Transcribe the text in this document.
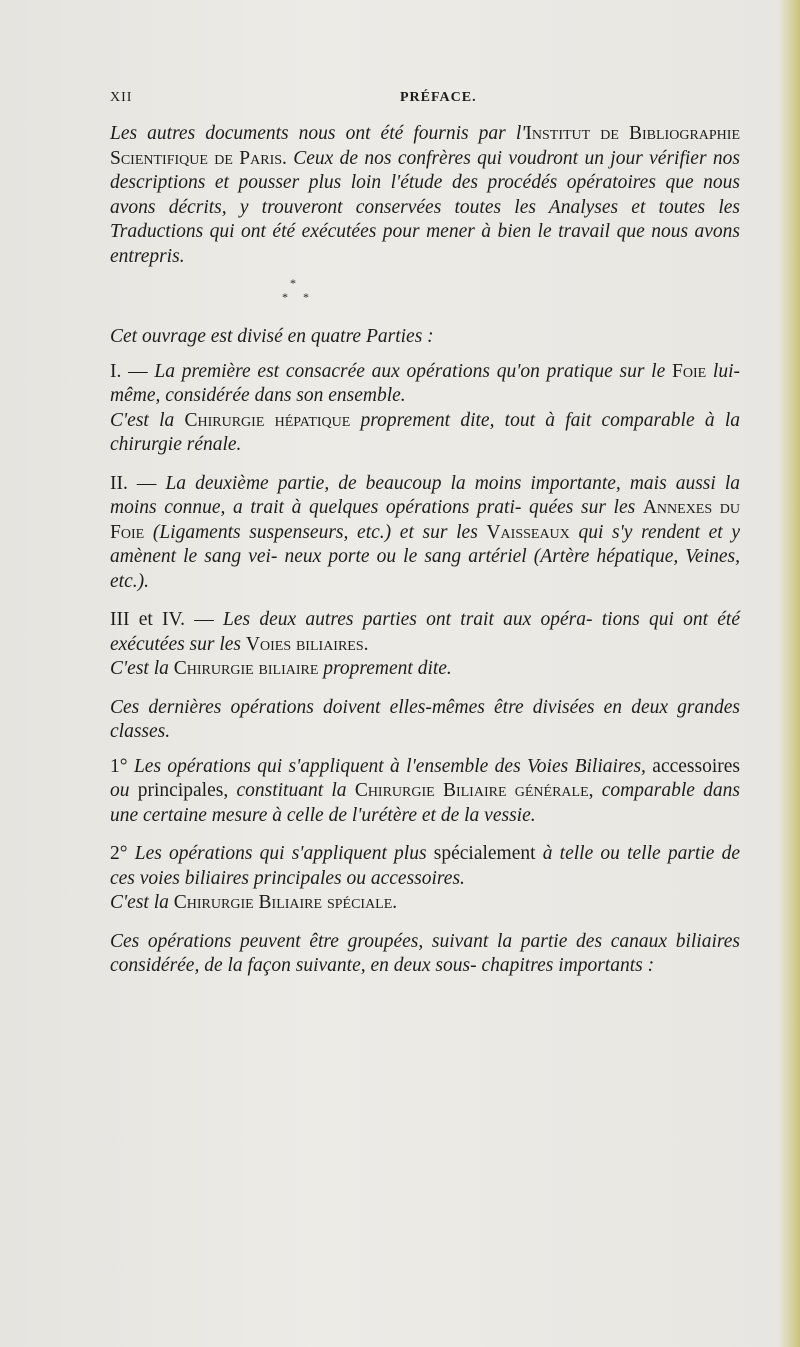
XII	PRÉFACE.

Les autres documents nous ont été fournis par l'Institut de Bibliographie Scientifique de Paris. Ceux de nos confrères qui voudront un jour vérifier nos descriptions et pousser plus loin l'étude des procédés opératoires que nous avons décrits, y trouveront conservées toutes les Analyses et toutes les Traductions qui ont été exécutées pour mener à bien le travail que nous avons entrepris.

*
* *

Cet ouvrage est divisé en quatre Parties :

I. — La première est consacrée aux opérations qu'on pratique sur le Foie lui-même, considérée dans son ensemble.

C'est la Chirurgie hépatique proprement dite, tout à fait comparable à la chirurgie rénale.

II. — La deuxième partie, de beaucoup la moins importante, mais aussi la moins connue, a trait à quelques opérations prati- quées sur les Annexes du Foie (Ligaments suspenseurs, etc.) et sur les Vaisseaux qui s'y rendent et y amènent le sang vei- neux porte ou le sang artériel (Artère hépatique, Veines, etc.).

III et IV. — Les deux autres parties ont trait aux opéra- tions qui ont été exécutées sur les Voies biliaires.

C'est la Chirurgie biliaire proprement dite.

Ces dernières opérations doivent elles-mêmes être divisées en deux grandes classes.

1° Les opérations qui s'appliquent à l'ensemble des Voies Biliaires, accessoires ou principales, constituant la Chirurgie Biliaire générale, comparable dans une certaine mesure à celle de l'urétère et de la vessie.

2° Les opérations qui s'appliquent plus spécialement à telle ou telle partie de ces voies biliaires principales ou accessoires.

C'est la Chirurgie Biliaire spéciale.

Ces opérations peuvent être groupées, suivant la partie des canaux biliaires considérée, de la façon suivante, en deux sous- chapitres importants :
